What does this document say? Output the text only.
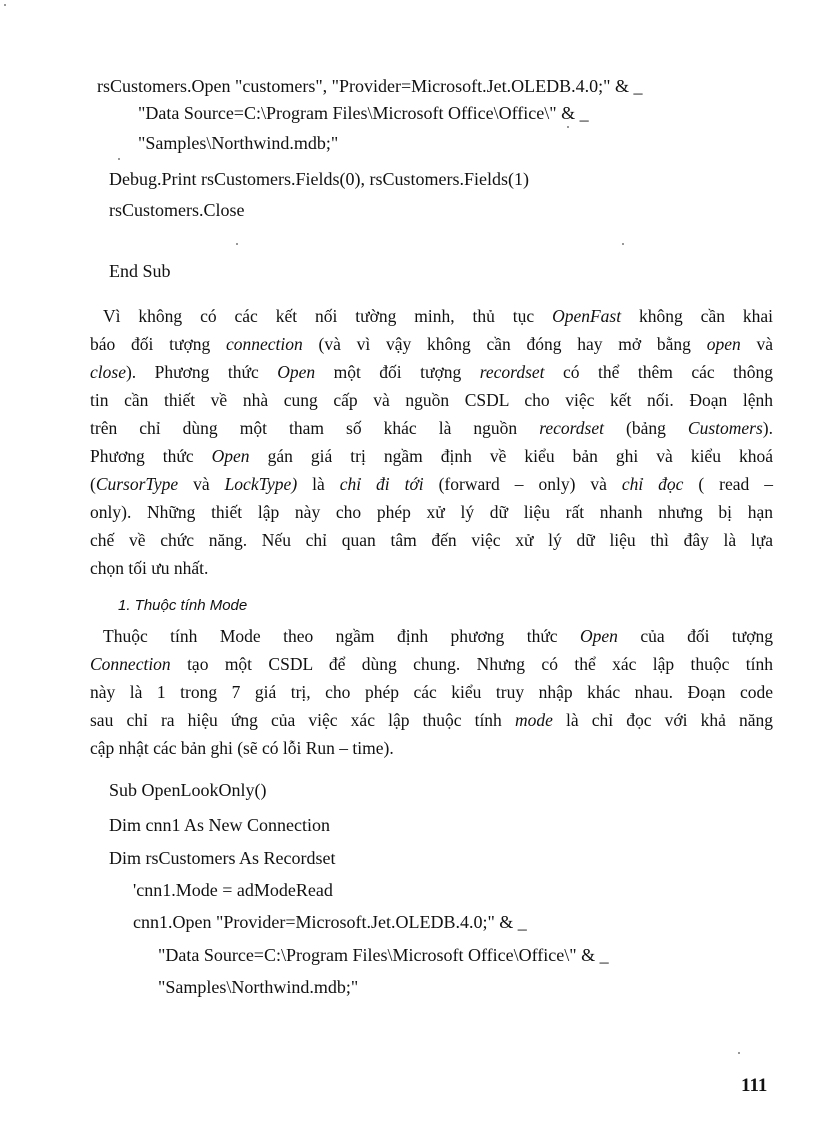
rsCustomers.Open "customers", "Provider=Microsoft.Jet.OLEDB.4.0;" & _
"Data Source=C:\Program Files\Microsoft Office\Office\" & _
"Samples\Northwind.mdb;"
Debug.Print rsCustomers.Fields(0), rsCustomers.Fields(1)
rsCustomers.Close
End Sub
Vì không có các kết nối tường minh, thủ tục OpenFast không cần khai
báo đối tượng connection (và vì vậy không cần đóng hay mở bằng open và
close). Phương thức Open một đối tượng recordset có thể thêm các thông
tin cần thiết về nhà cung cấp và nguồn CSDL cho việc kết nối. Đoạn lệnh
trên chỉ dùng một tham số khác là nguồn recordset (bảng Customers).
Phương thức Open gán giá trị ngầm định về kiểu bản ghi và kiểu khoá
(CursorType và LockType) là chỉ đi tới (forward – only) và chỉ đọc ( read –
only). Những thiết lập này cho phép xử lý dữ liệu rất nhanh nhưng bị hạn
chế về chức năng. Nếu chỉ quan tâm đến việc xử lý dữ liệu thì đây là lựa
chọn tối ưu nhất.
1. Thuộc tính Mode
Thuộc tính Mode theo ngầm định phương thức Open của đối tượng
Connection tạo một CSDL để dùng chung. Nhưng có thể xác lập thuộc tính
này là 1 trong 7 giá trị, cho phép các kiểu truy nhập khác nhau. Đoạn code
sau chỉ ra hiệu ứng của việc xác lập thuộc tính mode là chỉ đọc với khả năng
cập nhật các bản ghi (sẽ có lỗi Run – time).
Sub OpenLookOnly()
Dim cnn1 As New Connection
Dim rsCustomers As Recordset
'cnn1.Mode = adModeRead
cnn1.Open "Provider=Microsoft.Jet.OLEDB.4.0;" & _
"Data Source=C:\Program Files\Microsoft Office\Office\" & _
"Samples\Northwind.mdb;"
111
